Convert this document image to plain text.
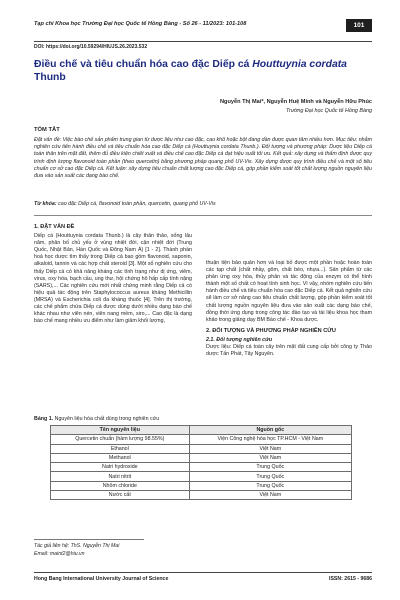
Tạp chí Khoa học Trường Đại học Quốc tế Hồng Bàng - Số 26 - 11/2023: 101-108	101
DOI: https://doi.org/10.59294/HIUJS.26.2023.532
Điều chế và tiêu chuẩn hóa cao đặc Diếp cá Houttuynia cordata Thunb
Nguyễn Thị Mai*, Nguyễn Huệ Minh và Nguyễn Hữu Phúc
Trường Đại học Quốc tế Hồng Bàng
TÓM TẮT

Đặt vấn đề: Việc bào chế sản phẩm trung gian từ dược liệu như cao đặc, cao khô hoặc bột đang dần được quan tâm nhiều hơn. Mục tiêu: nhằm nghiên cứu tiến hành điều chế và tiêu chuẩn hóa cao đặc Diếp cá (Houttuynia cordata Thunb.). Đối tượng và phương pháp: Dược liệu Diếp cá toàn thân trên mặt đất, thêm đủ điều kiện chiết xuất và điều chế cao đặc Diếp cá đạt hiệu suất tối ưu. Kết quả: xây dựng và thẩm định được quy trình định lượng flavonoid toàn phần (theo quercetin) bằng phương pháp quang phổ UV-Vis. Xây dựng được quy trình điều chế và một số tiêu chuẩn cơ sở cao đặc Diếp cá. Kết luận: xây dựng tiêu chuẩn chất lượng cao đặc Diếp cá, góp phần kiểm soát tốt chất lượng nguồn nguyên liệu đưa vào sản xuất các dạng bào chế.

Từ khóa: cao đặc Diếp cá, flavonoid toàn phần, quercetin, quang phổ UV-Vis

1. ĐẶT VẤN ĐỀ

Diếp cá (Houttuynia cordata Thunb.) là cây thân thảo, sống lâu năm, phân bố chủ yếu ở vùng nhiệt đới, cận nhiệt đới (Trung Quốc, Nhật Bản, Hàn Quốc và Đông Nam Á) [1 - 2]. Thành phần hoá học dược tìm thấy trong Diếp cá bao gồm flavonoid, saponin, alkaloid, tannin và các hợp chất steroid [3]. Một số nghiên cứu cho thấy Diếp cá có khả năng kháng các tính trạng như dị ứng, viêm, virus, oxy hóa, bạch cầu, ung thư, hội chứng hô hấp cấp tính nặng (SARS),... Các nghiên cứu mới nhất chứng minh rằng Diếp cá có hiệu quả tác động trên Staphylococcus aureus kháng Methicillin (MRSA) và Escherichia coli đa kháng thuốc [4]. Trên thị trường, các chế phẩm chứa Diếp cá được dùng dưới nhiều dạng bào chế khác nhau như viên nén, viên nang mềm, siro,... Cao đặc là dạng bào chế mang nhiều ưu điểm như làm giảm khối lượng,

thuận tiện bảo quản hơn và loại bỏ được một phần hoặc hoàn toàn các tạp chất (chất nhầy, gôm, chất béo, nhựa...). Sản phẩm từ các phản ứng oxy hóa, thủy phân và tác động của enzym có thể hình thành một số chất có hoạt tính sinh học. Vì vậy, nhóm nghiên cứu tiến hành điều chế và tiêu chuẩn hóa cao đặc Diếp cá. Kết quả nghiên cứu sẽ làm cơ sở nâng cao tiêu chuẩn chất lượng, góp phần kiểm soát tốt chất lượng nguồn nguyên liệu đưa vào sản xuất các dạng bào chế, đồng thời ứng dụng trong công tác đào tạo và tài liệu khoa học tham khảo trong giảng dạy BM Bào chế - Khoa dược.

2. ĐỐI TƯỢNG VÀ PHƯƠNG PHÁP NGHIÊN CỨU

2.1. Đối tượng nghiên cứu

Dược liệu: Diếp cá toàn cây trên mặt đất cung cấp bởi công ty Thảo dược Tấn Phát, Tây Nguyên.

Bảng 1. Nguyên liệu hóa chất dùng trong nghiên cứu
Tên nguyên liệu	Nguồn gốc
Quercetin chuẩn (hàm lượng 98.55%)	Viện Công nghệ hóa học TP.HCM - Việt Nam
Ethanol	Việt Nam
Methanol	Việt Nam
Natri hydroxide	Trung Quốc
Natri nitrit	Trung Quốc
Nhôm chloride	Trung Quốc
Nước cất	Việt Nam
Tác giả liên hệ: ThS. Nguyễn Thị Mai
Email: maint2@hiu.vn
Hong Bang International University Journal of Science	ISSN: 2615 - 9686
